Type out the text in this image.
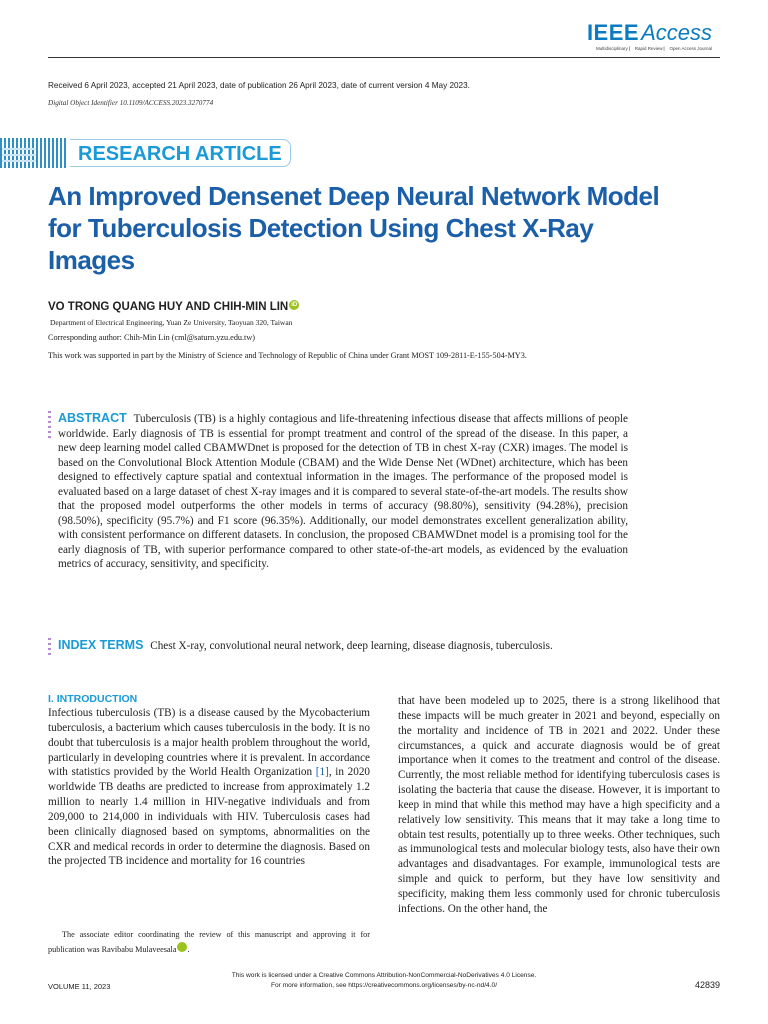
IEEEAccess
Multidisciplinary ⎸ Rapid Review ⎸ Open Access Journal
Received 6 April 2023, accepted 21 April 2023, date of publication 26 April 2023, date of current version 4 May 2023.
Digital Object Identifier 10.1109/ACCESS.2023.3270774
RESEARCH ARTICLE
An Improved Densenet Deep Neural Network Model for Tuberculosis Detection Using Chest X-Ray Images
VO TRONG QUANG HUY AND CHIH-MIN LIN iD
Department of Electrical Engineering, Yuan Ze University, Taoyuan 320, Taiwan
Corresponding author: Chih-Min Lin (cml@saturn.yzu.edu.tw)
This work was supported in part by the Ministry of Science and Technology of Republic of China under Grant MOST 109-2811-E-155-504-MY3.

ABSTRACT Tuberculosis (TB) is a highly contagious and life-threatening infectious disease that affects millions of people worldwide. Early diagnosis of TB is essential for prompt treatment and control of the spread of the disease. In this paper, a new deep learning model called CBAMWDnet is proposed for the detection of TB in chest X-ray (CXR) images. The model is based on the Convolutional Block Attention Module (CBAM) and the Wide Dense Net (WDnet) architecture, which has been designed to effectively capture spatial and contextual information in the images. The performance of the proposed model is evaluated based on a large dataset of chest X-ray images and it is compared to several state-of-the-art models. The results show that the proposed model outperforms the other models in terms of accuracy (98.80%), sensitivity (94.28%), precision (98.50%), specificity (95.7%) and F1 score (96.35%). Additionally, our model demonstrates excellent generalization ability, with consistent performance on different datasets. In conclusion, the proposed CBAMWDnet model is a promising tool for the early diagnosis of TB, with superior performance compared to other state-of-the-art models, as evidenced by the evaluation metrics of accuracy, sensitivity, and specificity.

INDEX TERMS Chest X-ray, convolutional neural network, deep learning, disease diagnosis, tuberculosis.

I. INTRODUCTION

Infectious tuberculosis (TB) is a disease caused by the Mycobacterium tuberculosis, a bacterium which causes tuberculosis in the body. It is no doubt that tuberculosis is a major health problem throughout the world, particularly in developing countries where it is prevalent. In accordance with statistics provided by the World Health Organization [1], in 2020 worldwide TB deaths are predicted to increase from approximately 1.2 million to nearly 1.4 million in HIV-negative individuals and from 209,000 to 214,000 in individuals with HIV. Tuberculosis cases had been clinically diagnosed based on symptoms, abnormalities on the CXR and medical records in order to determine the diagnosis. Based on the projected TB incidence and mortality for 16 countries

that have been modeled up to 2025, there is a strong likelihood that these impacts will be much greater in 2021 and beyond, especially on the mortality and incidence of TB in 2021 and 2022. Under these circumstances, a quick and accurate diagnosis would be of great importance when it comes to the treatment and control of the disease. Currently, the most reliable method for identifying tuberculosis cases is isolating the bacteria that cause the disease. However, it is important to keep in mind that while this method may have a high specificity and a relatively low sensitivity. This means that it may take a long time to obtain test results, potentially up to three weeks. Other techniques, such as immunological tests and molecular biology tests, also have their own advantages and disadvantages. For example, immunological tests are simple and quick to perform, but they have low sensitivity and specificity, making them less commonly used for chronic tuberculosis infections. On the other hand, the

The associate editor coordinating the review of this manuscript and approving it for publication was Ravibabu Mulaveesala	iD.

This work is licensed under a Creative Commons Attribution-NonCommercial-NoDerivatives 4.0 License.
For more information, see https://creativecommons.org/licenses/by-nc-nd/4.0/
VOLUME 11, 2023	42839
